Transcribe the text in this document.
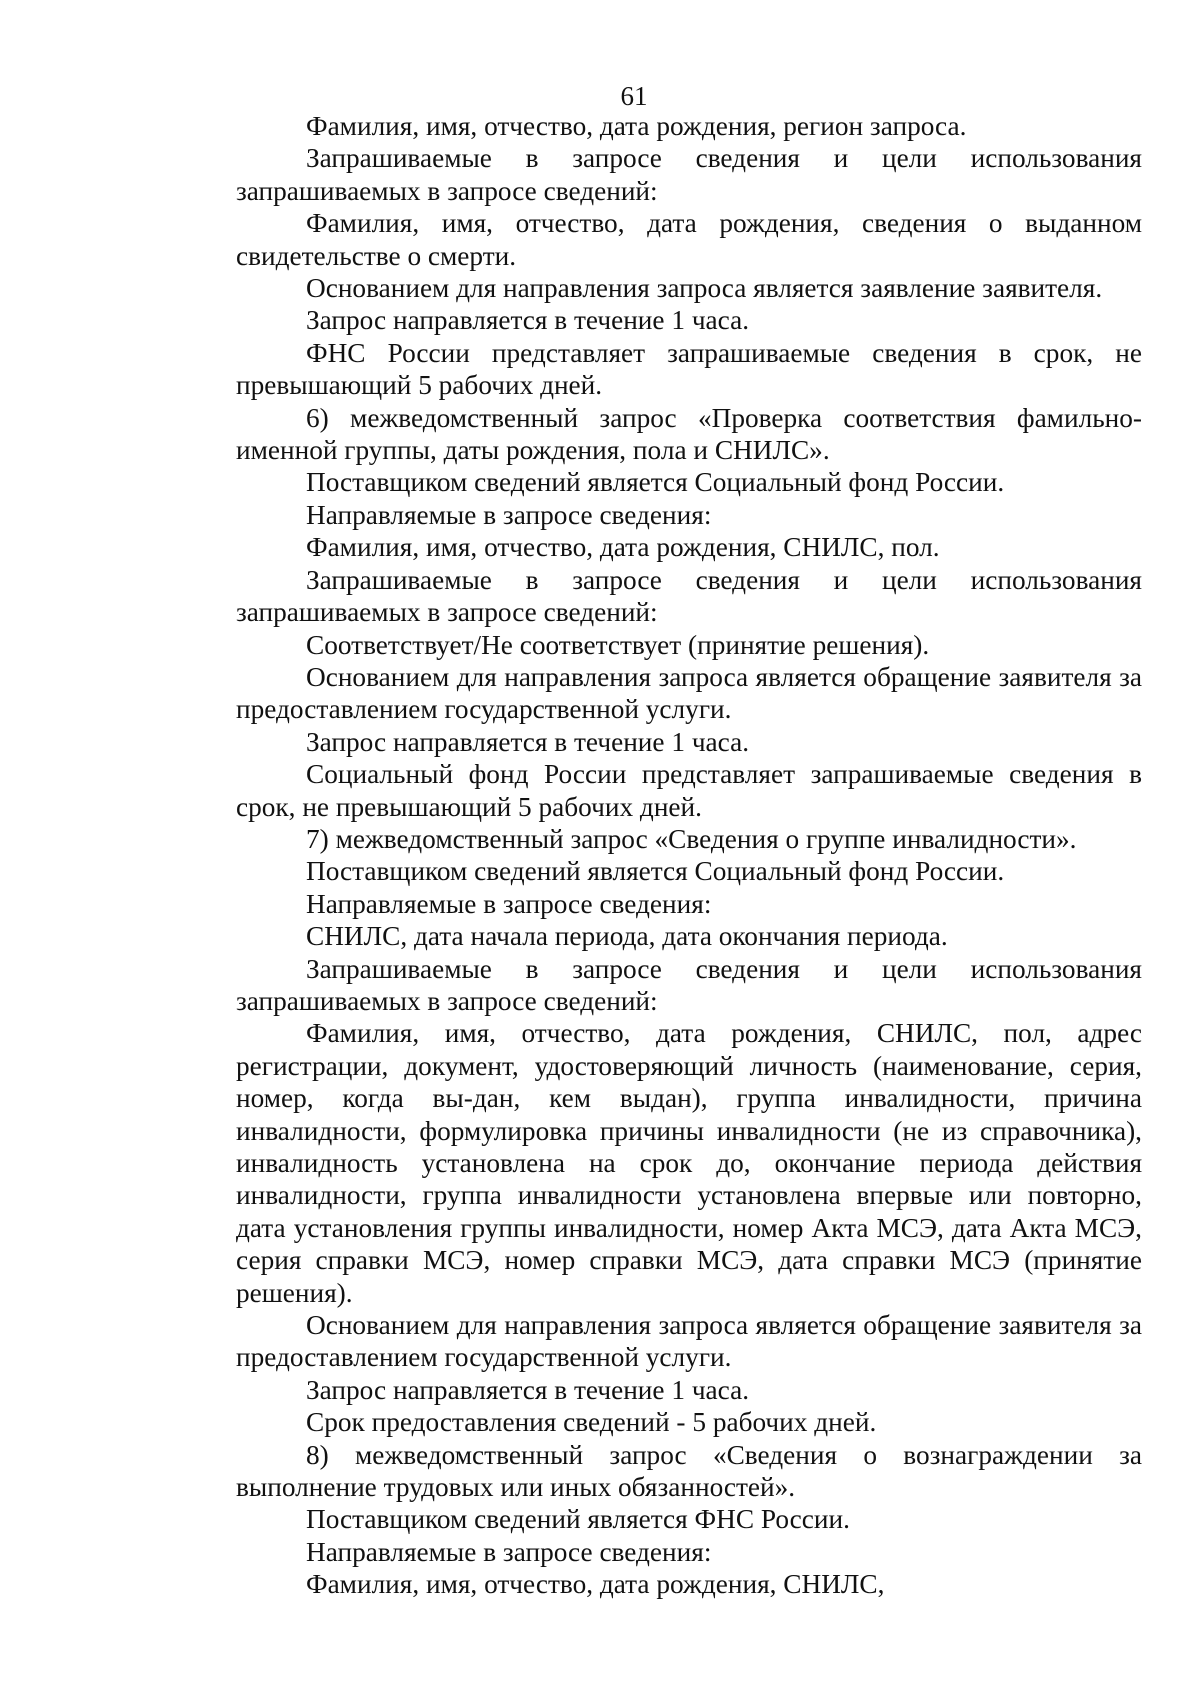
61

Фамилия, имя, отчество, дата рождения, регион запроса.

Запрашиваемые в запросе сведения и цели использования запрашиваемых в запросе сведений:

Фамилия, имя, отчество, дата рождения, сведения о выданном свидетельстве о смерти.

Основанием для направления запроса является заявление заявителя.

Запрос направляется в течение 1 часа.

ФНС России представляет запрашиваемые сведения в срок, не превышающий 5 рабочих дней.

6) межведомственный запрос «Проверка соответствия фамильно-именной группы, даты рождения, пола и СНИЛС».

Поставщиком сведений является Социальный фонд России.

Направляемые в запросе сведения:

Фамилия, имя, отчество, дата рождения, СНИЛС, пол.

Запрашиваемые в запросе сведения и цели использования запрашиваемых в запросе сведений:

Соответствует/Не соответствует (принятие решения).

Основанием для направления запроса является обращение заявителя за предоставлением государственной услуги.

Запрос направляется в течение 1 часа.

Социальный фонд России представляет запрашиваемые сведения в срок, не превышающий 5 рабочих дней.

7) межведомственный запрос «Сведения о группе инвалидности».

Поставщиком сведений является Социальный фонд России.

Направляемые в запросе сведения:

СНИЛС, дата начала периода, дата окончания периода.

Запрашиваемые в запросе сведения и цели использования запрашиваемых в запросе сведений:

Фамилия, имя, отчество, дата рождения, СНИЛС, пол, адрес регистрации, документ, удостоверяющий личность (наименование, серия, номер, когда вы-дан, кем выдан), группа инвалидности, причина инвалидности, формулировка причины инвалидности (не из справочника), инвалидность установлена на срок до, окончание периода действия инвалидности, группа инвалидности установлена впервые или повторно, дата установления группы инвалидности, номер Акта МСЭ, дата Акта МСЭ, серия справки МСЭ, номер справки МСЭ, дата справки МСЭ (принятие решения).

Основанием для направления запроса является обращение заявителя за предоставлением государственной услуги.

Запрос направляется в течение 1 часа.

Срок предоставления сведений - 5 рабочих дней.

8) межведомственный запрос «Сведения о вознаграждении за выполнение трудовых или иных обязанностей».

Поставщиком сведений является ФНС России.

Направляемые в запросе сведения:

Фамилия, имя, отчество, дата рождения, СНИЛС,
